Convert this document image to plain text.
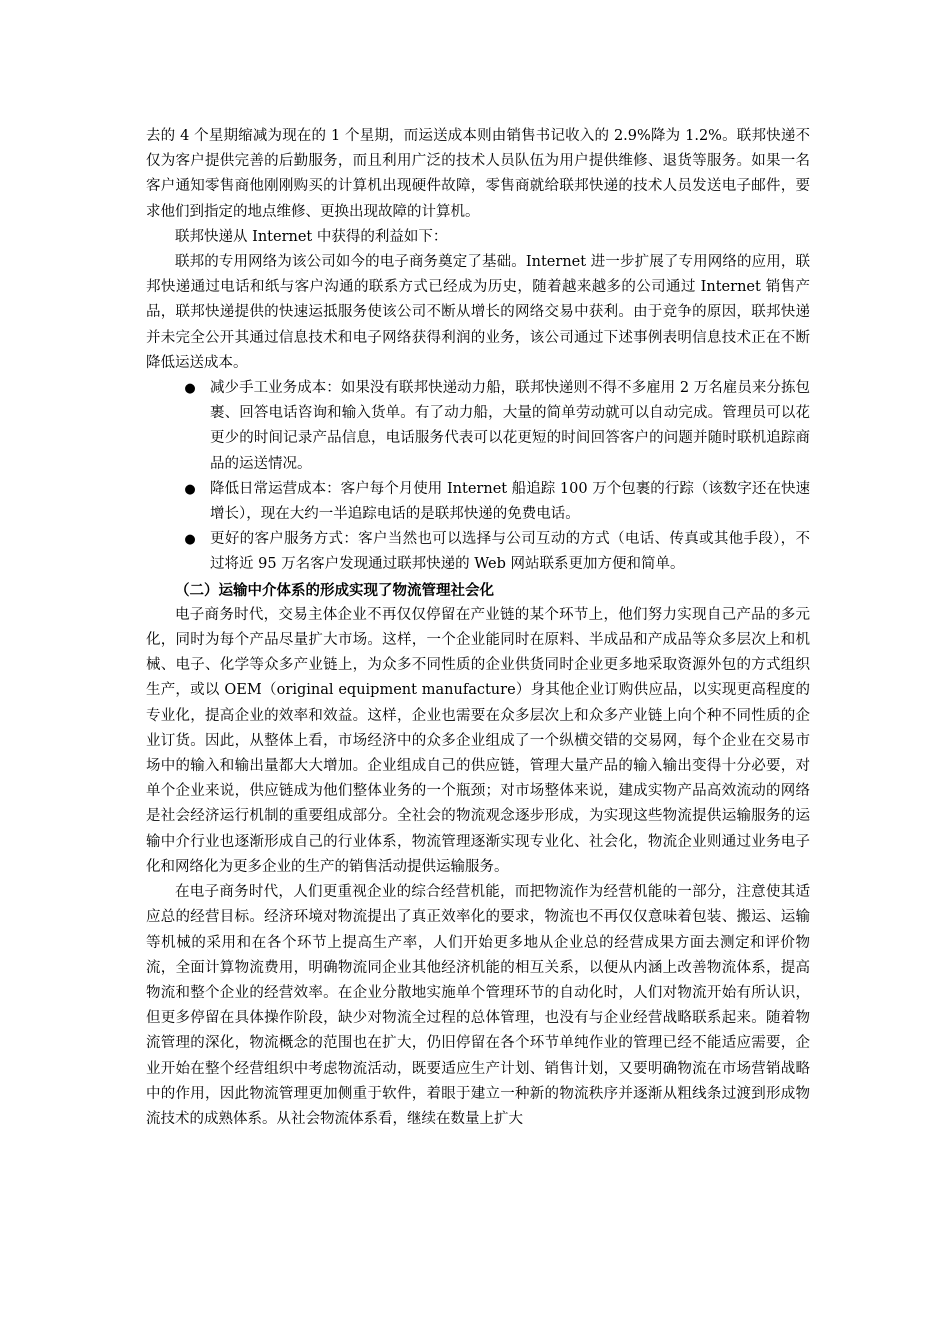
去的 4 个星期缩减为现在的 1 个星期，而运送成本则由销售书记收入的 2.9%降为 1.2%。联邦快递不仅为客户提供完善的后勤服务，而且利用广泛的技术人员队伍为用户提供维修、退货等服务。如果一名客户通知零售商他刚刚购买的计算机出现硬件故障，零售商就给联邦快递的技术人员发送电子邮件，要求他们到指定的地点维修、更换出现故障的计算机。

联邦快递从 Internet 中获得的利益如下：

联邦的专用网络为该公司如今的电子商务奠定了基础。Internet 进一步扩展了专用网络的应用，联邦快递通过电话和纸与客户沟通的联系方式已经成为历史，随着越来越多的公司通过 Internet 销售产品，联邦快递提供的快速运抵服务使该公司不断从增长的网络交易中获利。由于竞争的原因，联邦快递并未完全公开其通过信息技术和电子网络获得利润的业务，该公司通过下述事例表明信息技术正在不断降低运送成本。

● 减少手工业务成本：如果没有联邦快递动力船，联邦快递则不得不多雇用 2 万名雇员来分拣包裹、回答电话咨询和输入货单。有了动力船，大量的简单劳动就可以自动完成。管理员可以花更少的时间记录产品信息，电话服务代表可以花更短的时间回答客户的问题并随时联机追踪商品的运送情况。
● 降低日常运营成本：客户每个月使用 Internet 船追踪 100 万个包裹的行踪（该数字还在快速增长），现在大约一半追踪电话的是联邦快递的免费电话。
● 更好的客户服务方式：客户当然也可以选择与公司互动的方式（电话、传真或其他手段），不过将近 95 万名客户发现通过联邦快递的 Web 网站联系更加方便和简单。

（二）运输中介体系的形成实现了物流管理社会化

电子商务时代，交易主体企业不再仅仅停留在产业链的某个环节上，他们努力实现自己产品的多元化，同时为每个产品尽量扩大市场。这样，一个企业能同时在原料、半成品和产成品等众多层次上和机械、电子、化学等众多产业链上，为众多不同性质的企业供货同时企业更多地采取资源外包的方式组织生产，或以 OEM（original equipment manufacture）身其他企业订购供应品，以实现更高程度的专业化，提高企业的效率和效益。这样，企业也需要在众多层次上和众多产业链上向个种不同性质的企业订货。因此，从整体上看，市场经济中的众多企业组成了一个纵横交错的交易网，每个企业在交易市场中的输入和输出量都大大增加。企业组成自己的供应链，管理大量产品的输入输出变得十分必要，对单个企业来说，供应链成为他们整体业务的一个瓶颈；对市场整体来说，建成实物产品高效流动的网络是社会经济运行机制的重要组成部分。全社会的物流观念逐步形成，为实现这些物流提供运输服务的运输中介行业也逐渐形成自己的行业体系，物流管理逐渐实现专业化、社会化，物流企业则通过业务电子化和网络化为更多企业的生产的销售活动提供运输服务。

在电子商务时代，人们更重视企业的综合经营机能，而把物流作为经营机能的一部分，注意使其适应总的经营目标。经济环境对物流提出了真正效率化的要求，物流也不再仅仅意味着包装、搬运、运输等机械的采用和在各个环节上提高生产率，人们开始更多地从企业总的经营成果方面去测定和评价物流，全面计算物流费用，明确物流同企业其他经济机能的相互关系，以便从内涵上改善物流体系，提高物流和整个企业的经营效率。在企业分散地实施单个管理环节的自动化时，人们对物流开始有所认识，但更多停留在具体操作阶段，缺少对物流全过程的总体管理，也没有与企业经营战略联系起来。随着物流管理的深化，物流概念的范围也在扩大，仍旧停留在各个环节单纯作业的管理已经不能适应需要，企业开始在整个经营组织中考虑物流活动，既要适应生产计划、销售计划，又要明确物流在市场营销战略中的作用，因此物流管理更加侧重于软件，着眼于建立一种新的物流秩序并逐渐从粗线条过渡到形成物流技术的成熟体系。从社会物流体系看，继续在数量上扩大
